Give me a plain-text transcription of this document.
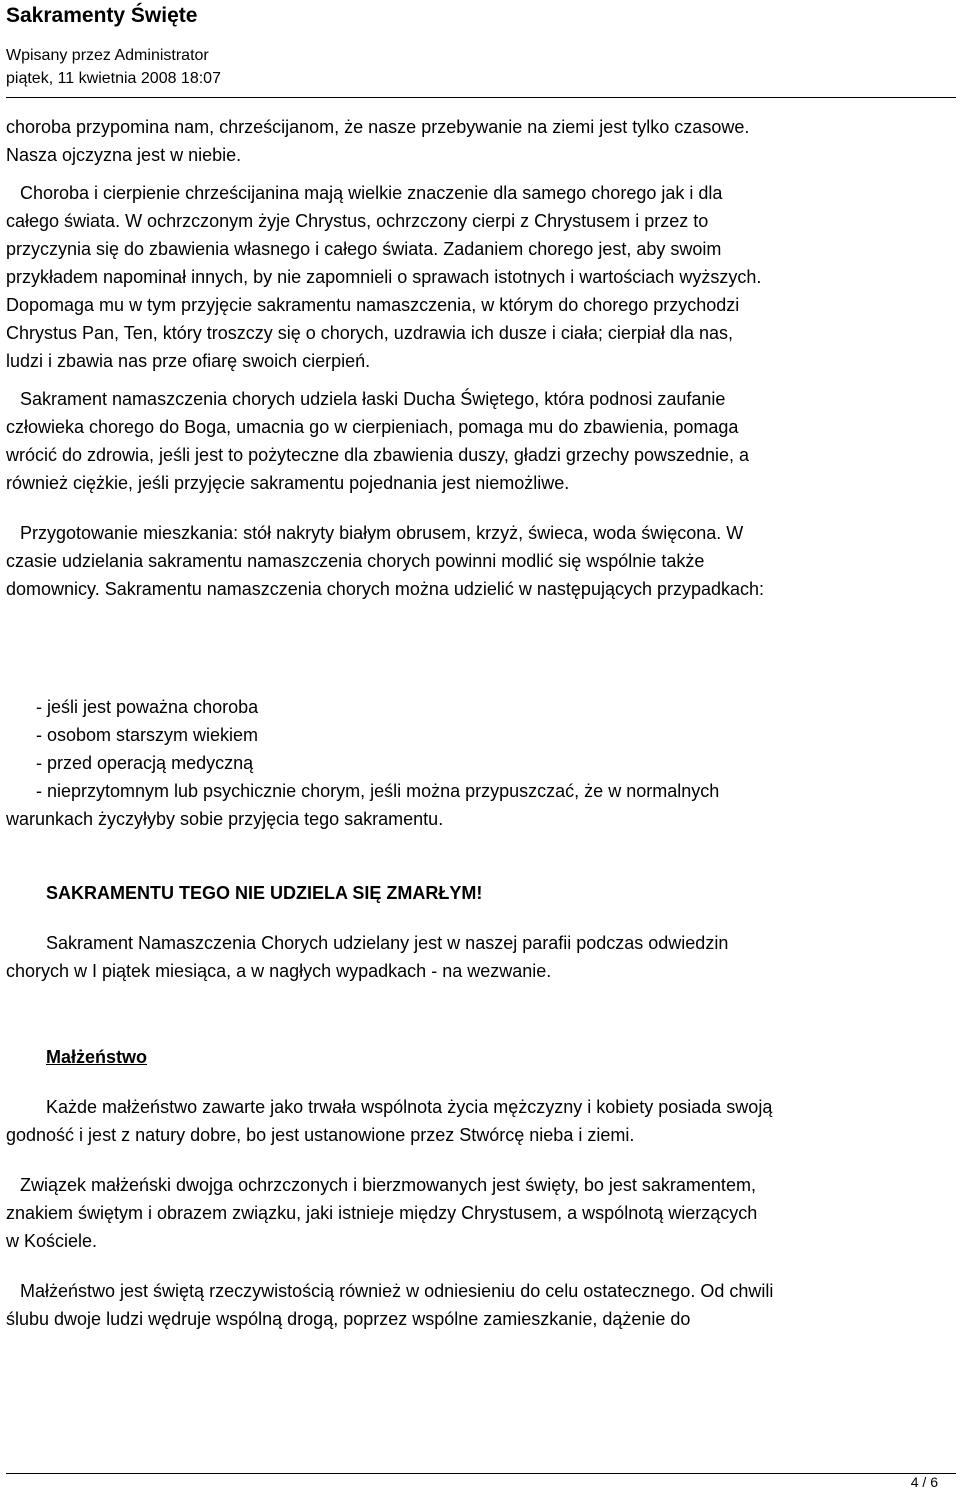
Sakramenty Święte
Wpisany przez Administrator
piątek, 11 kwietnia 2008 18:07
choroba przypomina nam, chrześcijanom, że nasze przebywanie na ziemi jest tylko czasowe.
Nasza ojczyzna jest w niebie.
Choroba i cierpienie chrześcijanina mają wielkie znaczenie dla samego chorego jak i dla
całego świata. W ochrzczonym żyje Chrystus, ochrzczony cierpi z Chrystusem i przez to
przyczynia się do zbawienia własnego i całego świata. Zadaniem chorego jest, aby swoim
przykładem napominał innych, by nie zapomnieli o sprawach istotnych i wartościach wyższych.
Dopomaga mu w tym przyjęcie sakramentu namaszczenia, w którym do chorego przychodzi
Chrystus Pan, Ten, który troszczy się o chorych, uzdrawia ich dusze i ciała; cierpiał dla nas,
ludzi i zbawia nas prze ofiarę swoich cierpień.
Sakrament namaszczenia chorych udziela łaski Ducha Świętego, która podnosi zaufanie
człowieka chorego do Boga, umacnia go w cierpieniach, pomaga mu do zbawienia, pomaga
wrócić do zdrowia, jeśli jest to pożyteczne dla zbawienia duszy, gładzi grzechy powszednie, a
również ciężkie, jeśli przyjęcie sakramentu pojednania jest niemożliwe.
Przygotowanie mieszkania: stół nakryty białym obrusem, krzyż, świeca, woda święcona. W
czasie udzielania sakramentu namaszczenia chorych powinni modlić się wspólnie także
domownicy. Sakramentu namaszczenia chorych można udzielić w następujących przypadkach:
- jeśli jest poważna choroba
- osobom starszym wiekiem
- przed operacją medyczną
- nieprzytomnym lub psychicznie chorym, jeśli można przypuszczać, że w normalnych
warunkach życzyłyby sobie przyjęcia tego sakramentu.
SAKRAMENTU TEGO NIE UDZIELA SIĘ ZMARŁYM!
Sakrament Namaszczenia Chorych udzielany jest w naszej parafii podczas odwiedzin
chorych w I piątek miesiąca, a w nagłych wypadkach - na wezwanie.
Małżeństwo
Każde małżeństwo zawarte jako trwała wspólnota życia mężczyzny i kobiety posiada swoją
godność i jest z natury dobre, bo jest ustanowione przez Stwórcę nieba i ziemi.
Związek małżeński dwojga ochrzczonych i bierzmowanych jest święty, bo jest sakramentem,
znakiem świętym i obrazem związku, jaki istnieje między Chrystusem, a wspólnotą wierzących
w Kościele.
Małżeństwo jest świętą rzeczywistością również w odniesieniu do celu ostatecznego. Od chwili
ślubu dwoje ludzi wędruje wspólną drogą, poprzez wspólne zamieszkanie, dążenie do
4 / 6
